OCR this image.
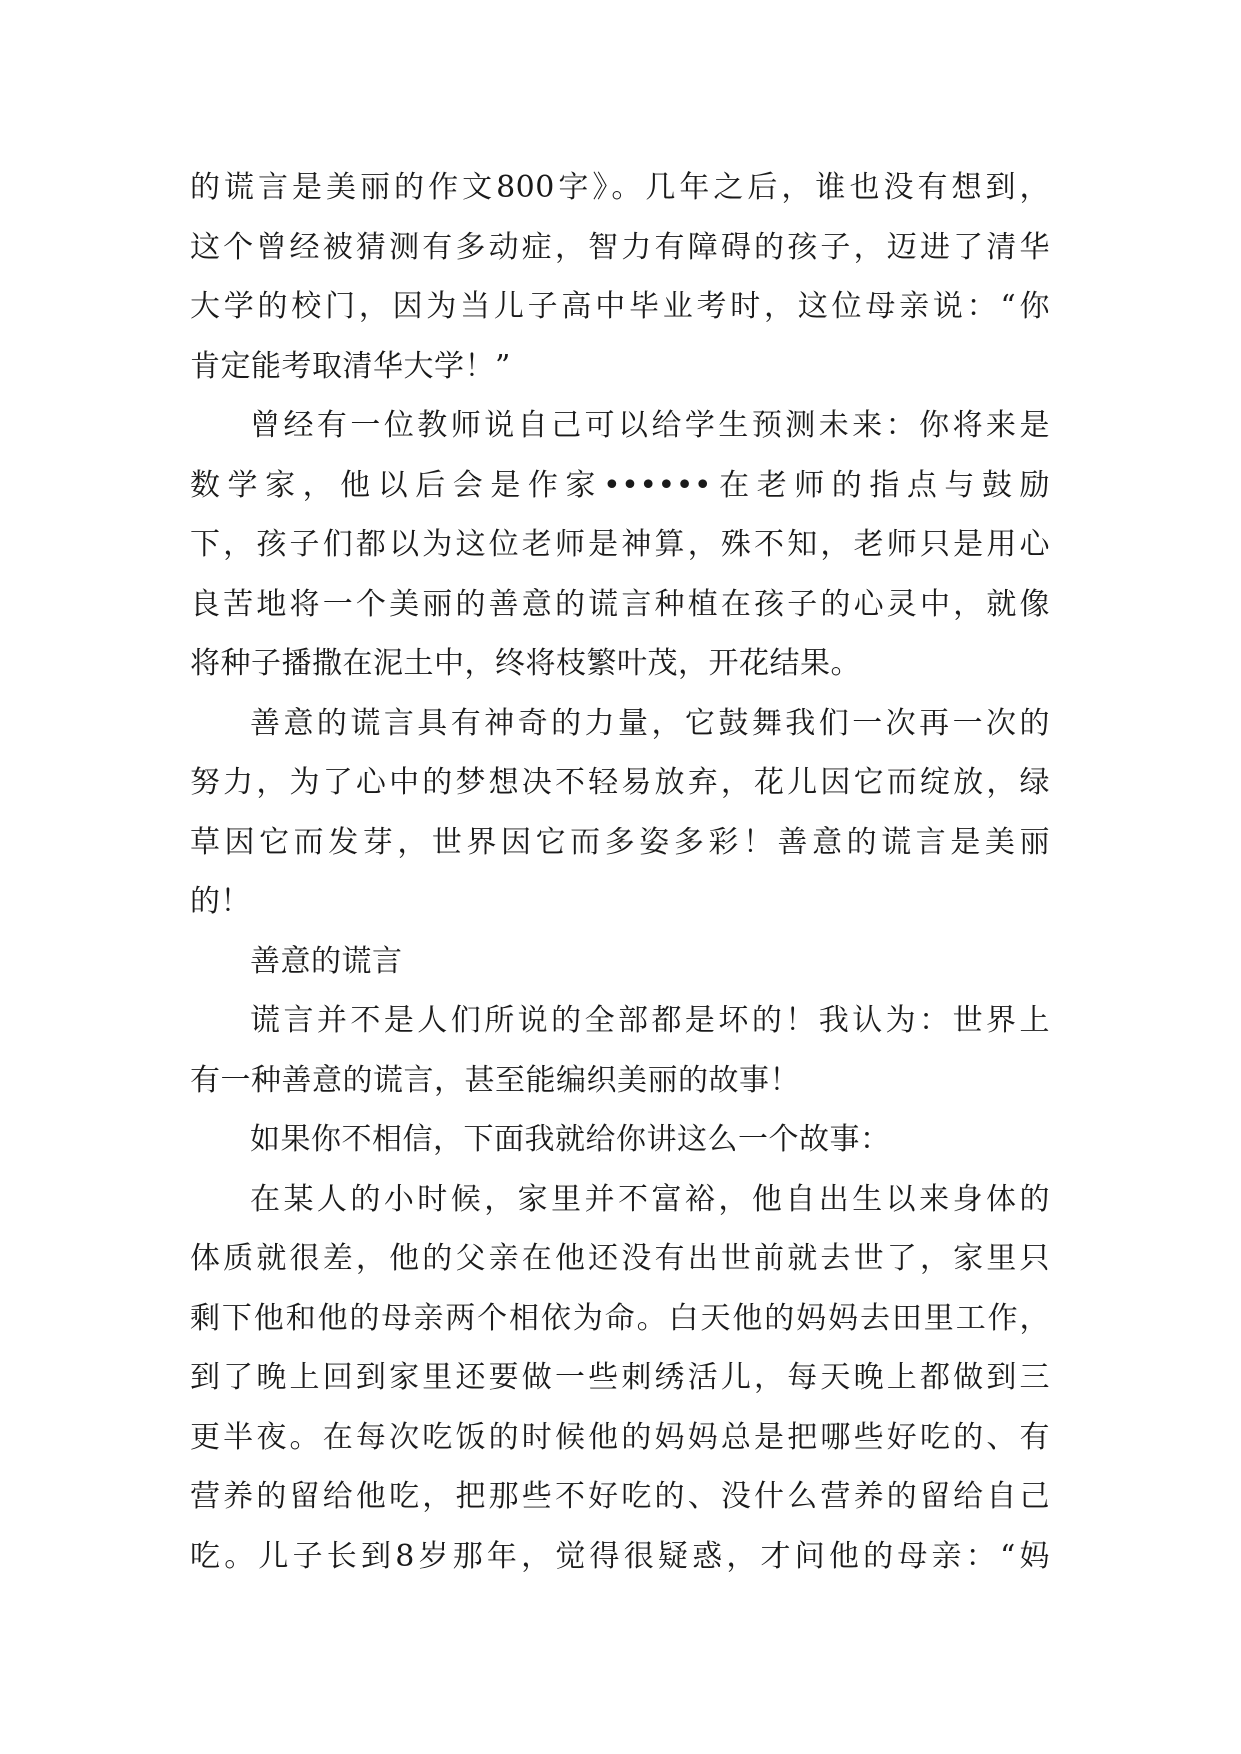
的谎言是美丽的作文800字》。几年之后，谁也没有想到，
这个曾经被猜测有多动症，智力有障碍的孩子，迈进了清华
大学的校门，因为当儿子高中毕业考时，这位母亲说：“你
肯定能考取清华大学！”
曾经有一位教师说自己可以给学生预测未来：你将来是
数学家，他以后会是作家••••••在老师的指点与鼓励
下，孩子们都以为这位老师是神算，殊不知，老师只是用心
良苦地将一个美丽的善意的谎言种植在孩子的心灵中，就像
将种子播撒在泥土中，终将枝繁叶茂，开花结果。
善意的谎言具有神奇的力量，它鼓舞我们一次再一次的
努力，为了心中的梦想决不轻易放弃，花儿因它而绽放，绿
草因它而发芽，世界因它而多姿多彩！善意的谎言是美丽
的！
善意的谎言
谎言并不是人们所说的全部都是坏的！我认为：世界上
有一种善意的谎言，甚至能编织美丽的故事！
如果你不相信，下面我就给你讲这么一个故事：
在某人的小时候，家里并不富裕，他自出生以来身体的
体质就很差，他的父亲在他还没有出世前就去世了，家里只
剩下他和他的母亲两个相依为命。白天他的妈妈去田里工作，
到了晚上回到家里还要做一些刺绣活儿，每天晚上都做到三
更半夜。在每次吃饭的时候他的妈妈总是把哪些好吃的、有
营养的留给他吃，把那些不好吃的、没什么营养的留给自己
吃。儿子长到8岁那年，觉得很疑惑，才问他的母亲：“妈
